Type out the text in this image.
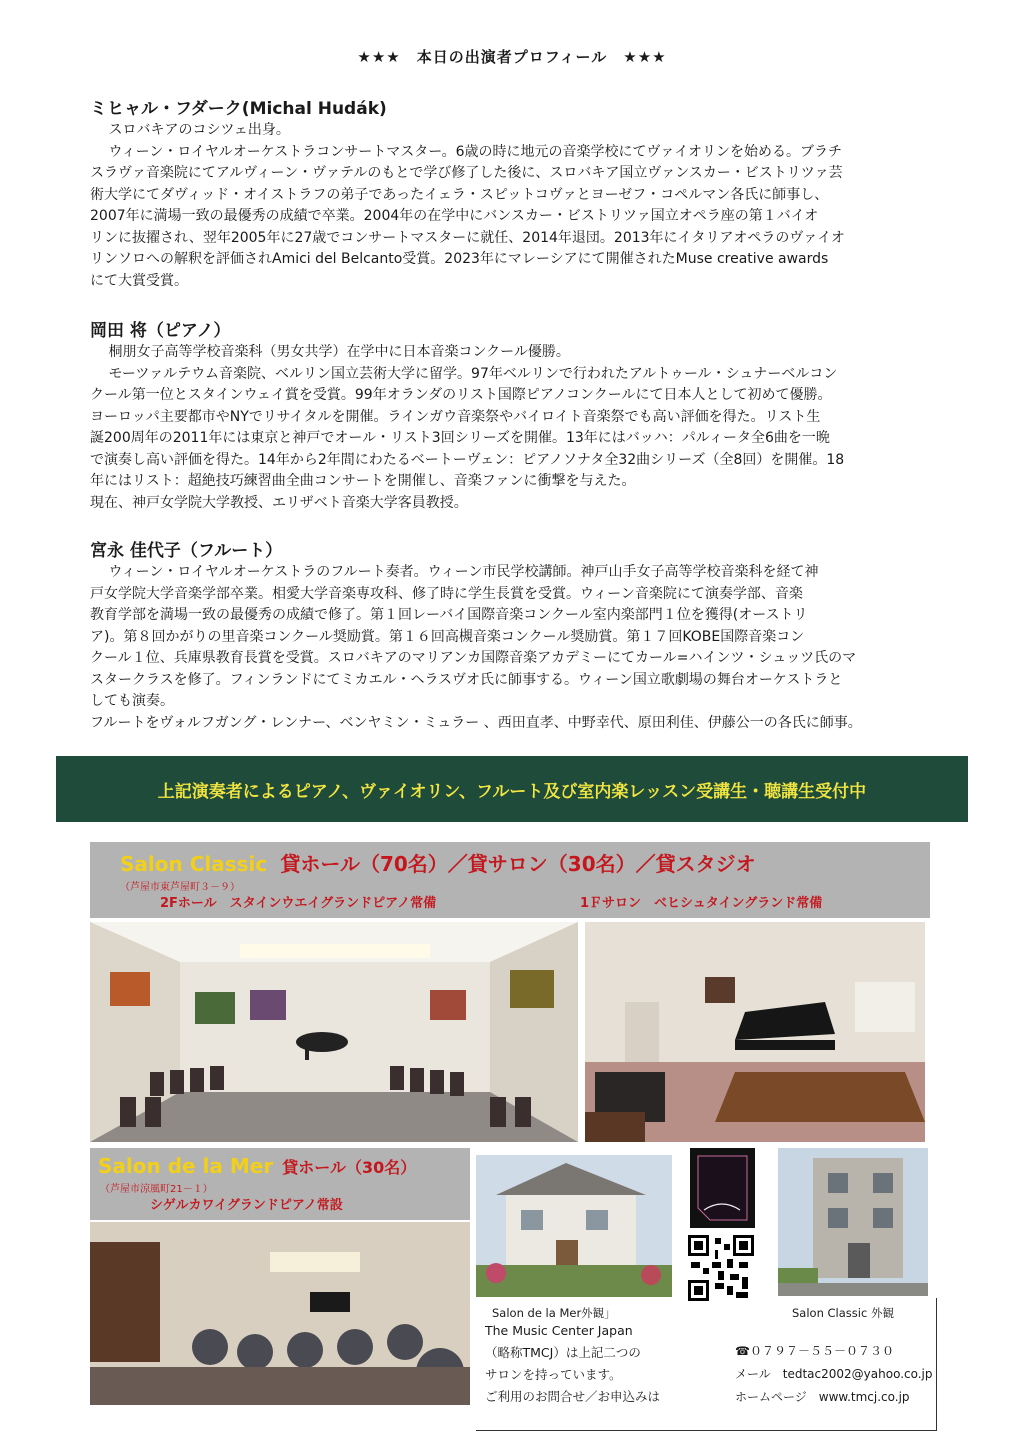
★★★　本日の出演者プロフィール　★★★
ミヒャル・フダーク(Michal Hudák)

　 スロバキアのコシツェ出身。

　 ウィーン・ロイヤルオーケストラコンサートマスター。6歳の時に地元の音楽学校にてヴァイオリンを始める。ブラチ

スラヴァ音楽院にてアルヴィーン・ヴァテルのもとで学び修了した後に、スロバキア国立ヴァンスカー・ビストリツァ芸

術大学にてダヴィッド・オイストラフの弟子であったイェラ・スピットコヴァとヨーゼフ・コペルマン各氏に師事し、

2007年に満場一致の最優秀の成績で卒業。2004年の在学中にバンスカー・ビストリツァ国立オペラ座の第１バイオ

リンに抜擢され、翌年2005年に27歳でコンサートマスターに就任、2014年退団。2013年にイタリアオペラのヴァイオ

リンソロへの解釈を評価されAmici del Belcanto受賞。2023年にマレーシアにて開催されたMuse creative awards

にて大賞受賞。

岡田 将（ピアノ）

　 桐朋女子高等学校音楽科（男女共学）在学中に日本音楽コンクール優勝。

　 モーツァルテウム音楽院、ベルリン国立芸術大学に留学。97年ベルリンで行われたアルトゥール・シュナーベルコン

クール第一位とスタインウェイ賞を受賞。99年オランダのリスト国際ピアノコンクールにて日本人として初めて優勝。

ヨーロッパ主要都市やNYでリサイタルを開催。ラインガウ音楽祭やバイロイト音楽祭でも高い評価を得た。リスト生

誕200周年の2011年には東京と神戸でオール・リスト3回シリーズを開催。13年にはバッハ：パルィータ全6曲を一晩

で演奏し高い評価を得た。14年から2年間にわたるベートーヴェン：ピアノソナタ全32曲シリーズ（全8回）を開催。18

年にはリスト：超絶技巧練習曲全曲コンサートを開催し、音楽ファンに衝撃を与えた。

現在、神戸女学院大学教授、エリザベト音楽大学客員教授。

宮永 佳代子（フルート）

　 ウィーン・ロイヤルオーケストラのフルート奏者。ウィーン市民学校講師。神戸山手女子高等学校音楽科を経て神

戸女学院大学音楽学部卒業。相愛大学音楽専攻科、修了時に学生長賞を受賞。ウィーン音楽院にて演奏学部、音楽

教育学部を満場一致の最優秀の成績で修了。第１回レーバイ国際音楽コンクール室内楽部門１位を獲得(オーストリ

ア)。第８回かがりの里音楽コンクール奨励賞。第１６回高槻音楽コンクール奨励賞。第１７回KOBE国際音楽コン

クール１位、兵庫県教育長賞を受賞。スロバキアのマリアンカ国際音楽アカデミーにてカール=ハインツ・シュッツ氏のマ

スタークラスを修了。フィンランドにてミカエル・ヘラスヴオ氏に師事する。ウィーン国立歌劇場の舞台オーケストラと

しても演奏。

フルートをヴォルフガング・レンナー、ベンヤミン・ミュラー 、西田直孝、中野幸代、原田利佳、伊藤公一の各氏に師事。

上記演奏者によるピアノ、ヴァイオリン、フルート及び室内楽レッスン受講生・聴講生受付中
Salon Classic 貸ホール（70名）／貸サロン（30名）／貸スタジオ
（芦屋市東芦屋町３－９）
2Fホール　スタインウエイグランドピアノ常備	1Ｆサロン　ベヒシュタイングランド常備
Salon de la Mer 貸ホール（30名）
（芦屋市涼風町21－１）
シゲルカワイグランドピアノ常設
Salon de la Mer外観」	Salon Classic 外観
The Music Center Japan
（略称TMCJ）は上記二つの
サロンを持っています。
ご利用のお問合せ／お申込みは
☎０７９７－５５－０７３０
メール　tedtac2002@yahoo.co.jp
ホームページ　www.tmcj.co.jp
